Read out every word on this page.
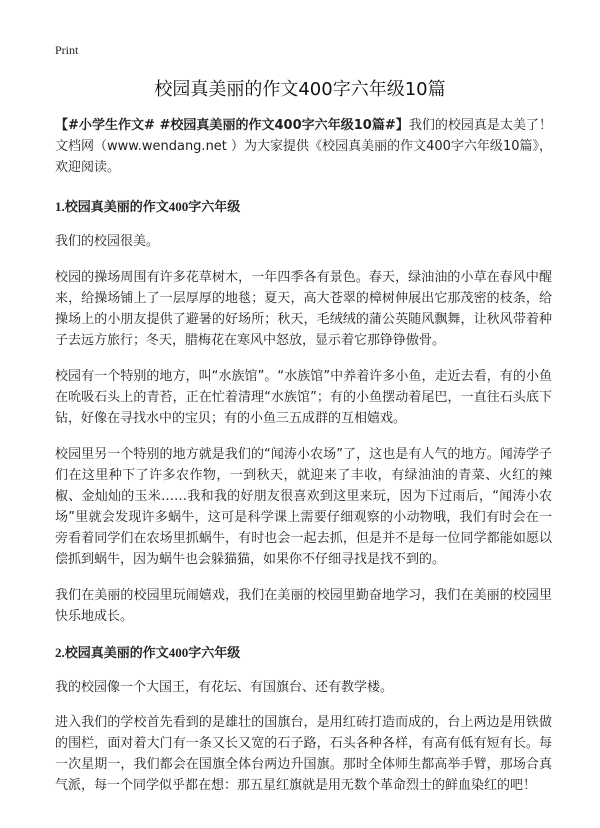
Print
校园真美丽的作文400字六年级10篇

【#小学生作文# #校园真美丽的作文400字六年级10篇#】我们的校园真是太美了！文档网（www.wendang.net ）为大家提供《校园真美丽的作文400字六年级10篇》，欢迎阅读。

1.校园真美丽的作文400字六年级

我们的校园很美。

校园的操场周围有许多花草树木，一年四季各有景色。春天，绿油油的小草在春风中醒来，给操场铺上了一层厚厚的地毯；夏天，高大苍翠的樟树伸展出它那茂密的枝条，给操场上的小朋友提供了避暑的好场所；秋天，毛绒绒的蒲公英随风飘舞，让秋风带着种子去远方旅行；冬天，腊梅花在寒风中怒放，显示着它那铮铮傲骨。

校园有一个特别的地方，叫“水族馆”。“水族馆”中养着许多小鱼，走近去看，有的小鱼在吮吸石头上的青苔，正在忙着清理“水族馆”；有的小鱼摆动着尾巴，一直往石头底下钻，好像在寻找水中的宝贝；有的小鱼三五成群的互相嬉戏。

校园里另一个特别的地方就是我们的“闻涛小农场”了，这也是有人气的地方。闻涛学子们在这里种下了许多农作物，一到秋天，就迎来了丰收，有绿油油的青菜、火红的辣椒、金灿灿的玉米……我和我的好朋友很喜欢到这里来玩，因为下过雨后，“闻涛小农场”里就会发现许多蜗牛，这可是科学课上需要仔细观察的小动物哦，我们有时会在一旁看着同学们在农场里抓蜗牛，有时也会一起去抓，但是并不是每一位同学都能如愿以偿抓到蜗牛，因为蜗牛也会躲猫猫，如果你不仔细寻找是找不到的。

我们在美丽的校园里玩闹嬉戏，我们在美丽的校园里勤奋地学习，我们在美丽的校园里快乐地成长。

2.校园真美丽的作文400字六年级

我的校园像一个大国王，有花坛、有国旗台、还有教学楼。

进入我们的学校首先看到的是雄壮的国旗台，是用红砖打造而成的，台上两边是用铁做的围栏，面对着大门有一条又长又宽的石子路，石头各种各样，有高有低有短有长。每一次星期一，我们都会在国旗全体台两边升国旗。那时全体师生都高举手臂，那场合真气派，每一个同学似乎都在想：那五星红旗就是用无数个革命烈士的鲜血染红的吧！
